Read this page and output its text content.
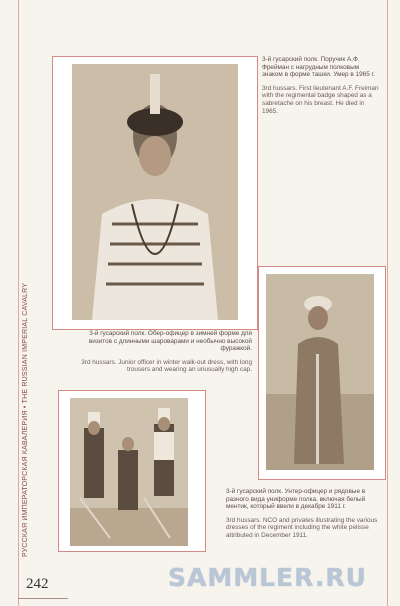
РУССКАЯ ИМПЕРАТОРСКАЯ КАВАЛЕРИЯ • THE RUSSIAN IMPERIAL CAVALRY

3-й гусарский полк. Поручик А.Ф. Фрейман с нагрудным полковым знаком в форме ташки. Умер в 1965 г.

3rd hussars. First lieutenant A.F. Freiman with the regimental badge shaped as a sabretache on his breast. He died in 1965.

3-й гусарский полк. Обер-офицер в зимней форме для визитов с длинными шароварами и необычно высокой фуражкой.

3rd hussars. Junior officer in winter walk-out dress, with long trousers and wearing an unusually high cap.

3-й гусарский полк. Унтер-офицер и рядовые в разного вида униформе полка, включая белый ментик, который ввели в декабре 1911 г.

3rd hussars. NCO and privates illustrating the various dresses of the regiment including the white pelisse attributed in December 1911.

242	SAMMLER.RU
